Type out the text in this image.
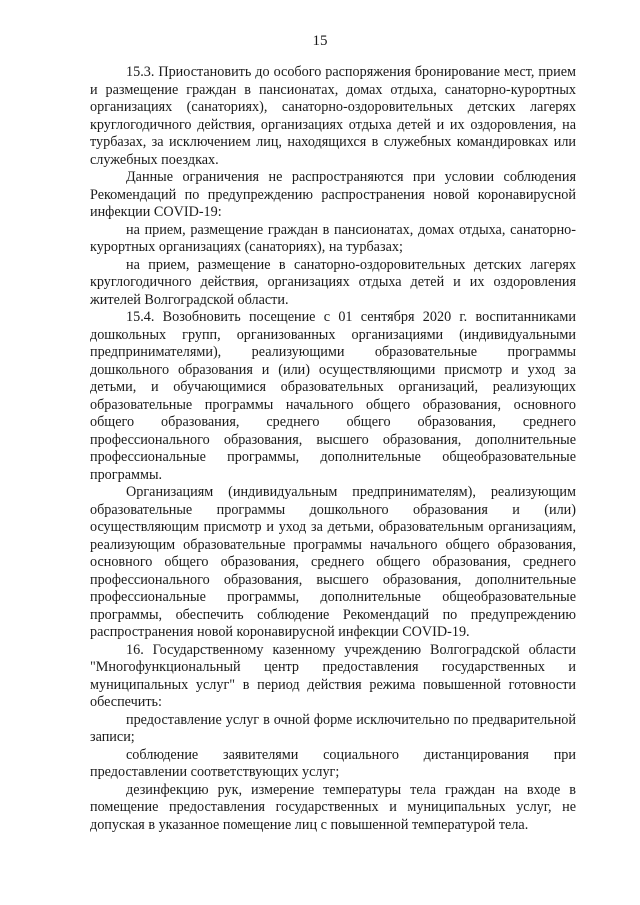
15

15.3. Приостановить до особого распоряжения бронирование мест, прием и размещение граждан в пансионатах, домах отдыха, санаторно-курортных организациях (санаториях), санаторно-оздоровительных детских лагерях круглогодичного действия, организациях отдыха детей и их оздоровления, на турбазах, за исключением лиц, находящихся в служебных командировках или служебных поездках.

Данные ограничения не распространяются при условии соблюдения Рекомендаций по предупреждению распространения новой коронавирусной инфекции COVID-19:

на прием, размещение граждан в пансионатах, домах отдыха, санаторно-курортных организациях (санаториях), на турбазах;

на прием, размещение в санаторно-оздоровительных детских лагерях круглогодичного действия, организациях отдыха детей и их оздоровления жителей Волгоградской области.

15.4. Возобновить посещение с 01 сентября 2020 г. воспитанниками дошкольных групп, организованных организациями (индивидуальными предпринимателями), реализующими образовательные программы дошкольного образования и (или) осуществляющими присмотр и уход за детьми, и обучающимися образовательных организаций, реализующих образовательные программы начального общего образования, основного общего образования, среднего общего образования, среднего профессионального образования, высшего образования, дополнительные профессиональные программы, дополнительные общеобразовательные программы.

Организациям (индивидуальным предпринимателям), реализующим образовательные программы дошкольного образования и (или) осуществляющим присмотр и уход за детьми, образовательным организациям, реализующим образовательные программы начального общего образования, основного общего образования, среднего общего образования, среднего профессионального образования, высшего образования, дополнительные профессиональные программы, дополнительные общеобразовательные программы, обеспечить соблюдение Рекомендаций по предупреждению распространения новой коронавирусной инфекции COVID-19.

16. Государственному казенному учреждению Волгоградской области "Многофункциональный центр предоставления государственных и муниципальных услуг" в период действия режима повышенной готовности обеспечить:

предоставление услуг в очной форме исключительно по предварительной записи;

соблюдение заявителями социального дистанцирования при предоставлении соответствующих услуг;

дезинфекцию рук, измерение температуры тела граждан на входе в помещение предоставления государственных и муниципальных услуг, не допуская в указанное помещение лиц с повышенной температурой тела.
